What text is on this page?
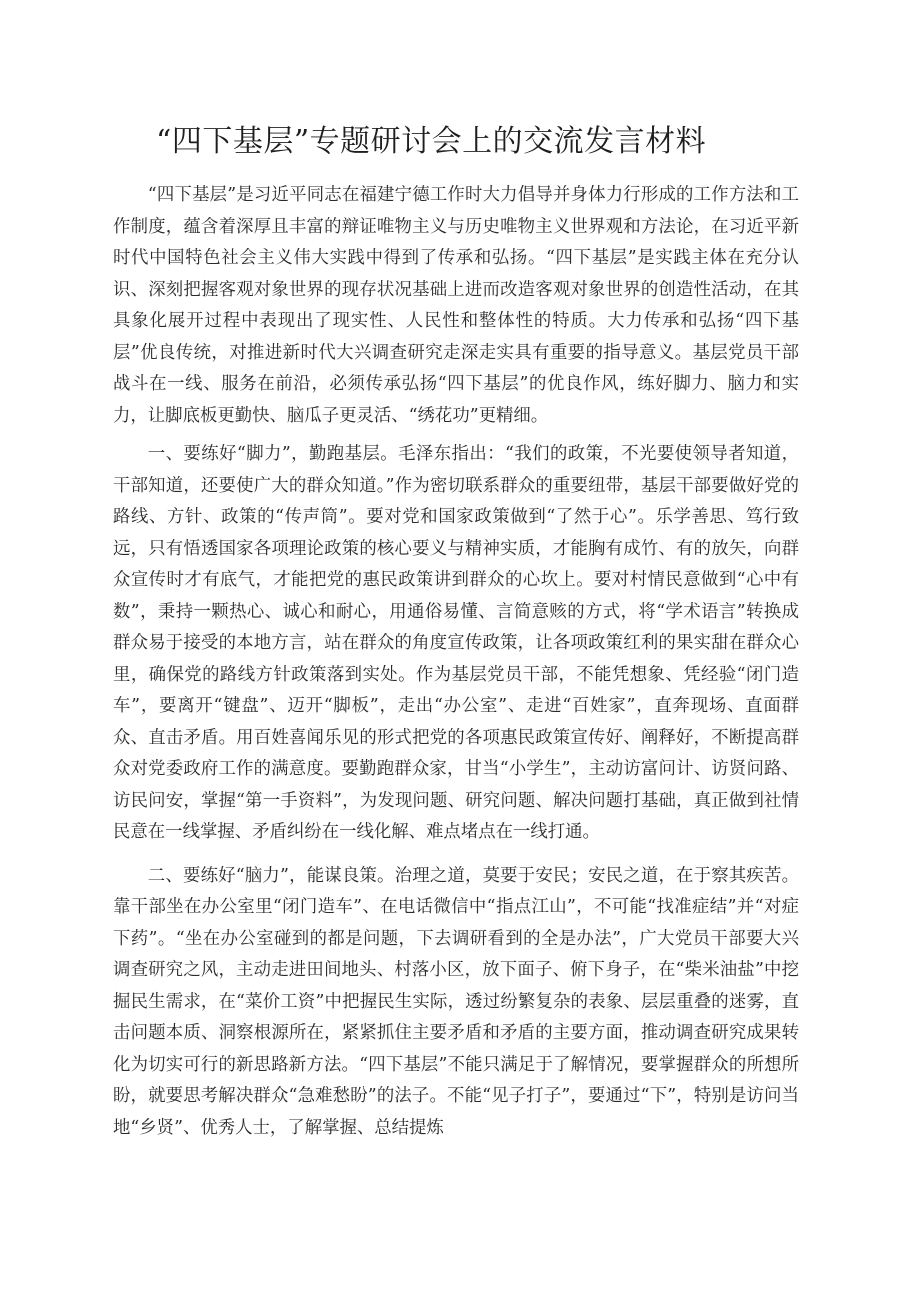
“四下基层”专题研讨会上的交流发言材料

“四下基层”是习近平同志在福建宁德工作时大力倡导并身体力行形成的工作方法和工作制度，蕴含着深厚且丰富的辩证唯物主义与历史唯物主义世界观和方法论，在习近平新时代中国特色社会主义伟大实践中得到了传承和弘扬。“四下基层”是实践主体在充分认识、深刻把握客观对象世界的现存状况基础上进而改造客观对象世界的创造性活动，在其具象化展开过程中表现出了现实性、人民性和整体性的特质。大力传承和弘扬“四下基层”优良传统，对推进新时代大兴调查研究走深走实具有重要的指导意义。基层党员干部战斗在一线、服务在前沿，必须传承弘扬“四下基层”的优良作风，练好脚力、脑力和实力，让脚底板更勤快、脑瓜子更灵活、“绣花功”更精细。

一、要练好“脚力”，勤跑基层。毛泽东指出：“我们的政策，不光要使领导者知道，干部知道，还要使广大的群众知道。”作为密切联系群众的重要纽带，基层干部要做好党的路线、方针、政策的“传声筒”。要对党和国家政策做到“了然于心”。乐学善思、笃行致远，只有悟透国家各项理论政策的核心要义与精神实质，才能胸有成竹、有的放矢，向群众宣传时才有底气，才能把党的惠民政策讲到群众的心坎上。要对村情民意做到“心中有数”，秉持一颗热心、诚心和耐心，用通俗易懂、言简意赅的方式，将“学术语言”转换成群众易于接受的本地方言，站在群众的角度宣传政策，让各项政策红利的果实甜在群众心里，确保党的路线方针政策落到实处。作为基层党员干部，不能凭想象、凭经验“闭门造车”，要离开“键盘”、迈开“脚板”，走出“办公室”、走进“百姓家”，直奔现场、直面群众、直击矛盾。用百姓喜闻乐见的形式把党的各项惠民政策宣传好、阐释好，不断提高群众对党委政府工作的满意度。要勤跑群众家，甘当“小学生”，主动访富问计、访贤问路、访民问安，掌握“第一手资料”，为发现问题、研究问题、解决问题打基础，真正做到社情民意在一线掌握、矛盾纠纷在一线化解、难点堵点在一线打通。

二、要练好“脑力”，能谋良策。治理之道，莫要于安民；安民之道，在于察其疾苦。靠干部坐在办公室里“闭门造车”、在电话微信中“指点江山”，不可能“找准症结”并“对症下药”。“坐在办公室碰到的都是问题，下去调研看到的全是办法”，广大党员干部要大兴调查研究之风，主动走进田间地头、村落小区，放下面子、俯下身子，在“柴米油盐”中挖掘民生需求，在“菜价工资”中把握民生实际，透过纷繁复杂的表象、层层重叠的迷雾，直击问题本质、洞察根源所在，紧紧抓住主要矛盾和矛盾的主要方面，推动调查研究成果转化为切实可行的新思路新方法。“四下基层”不能只满足于了解情况，要掌握群众的所想所盼，就要思考解决群众“急难愁盼”的法子。不能“见子打子”，要通过“下”，特别是访问当地“乡贤”、优秀人士，了解掌握、总结提炼
